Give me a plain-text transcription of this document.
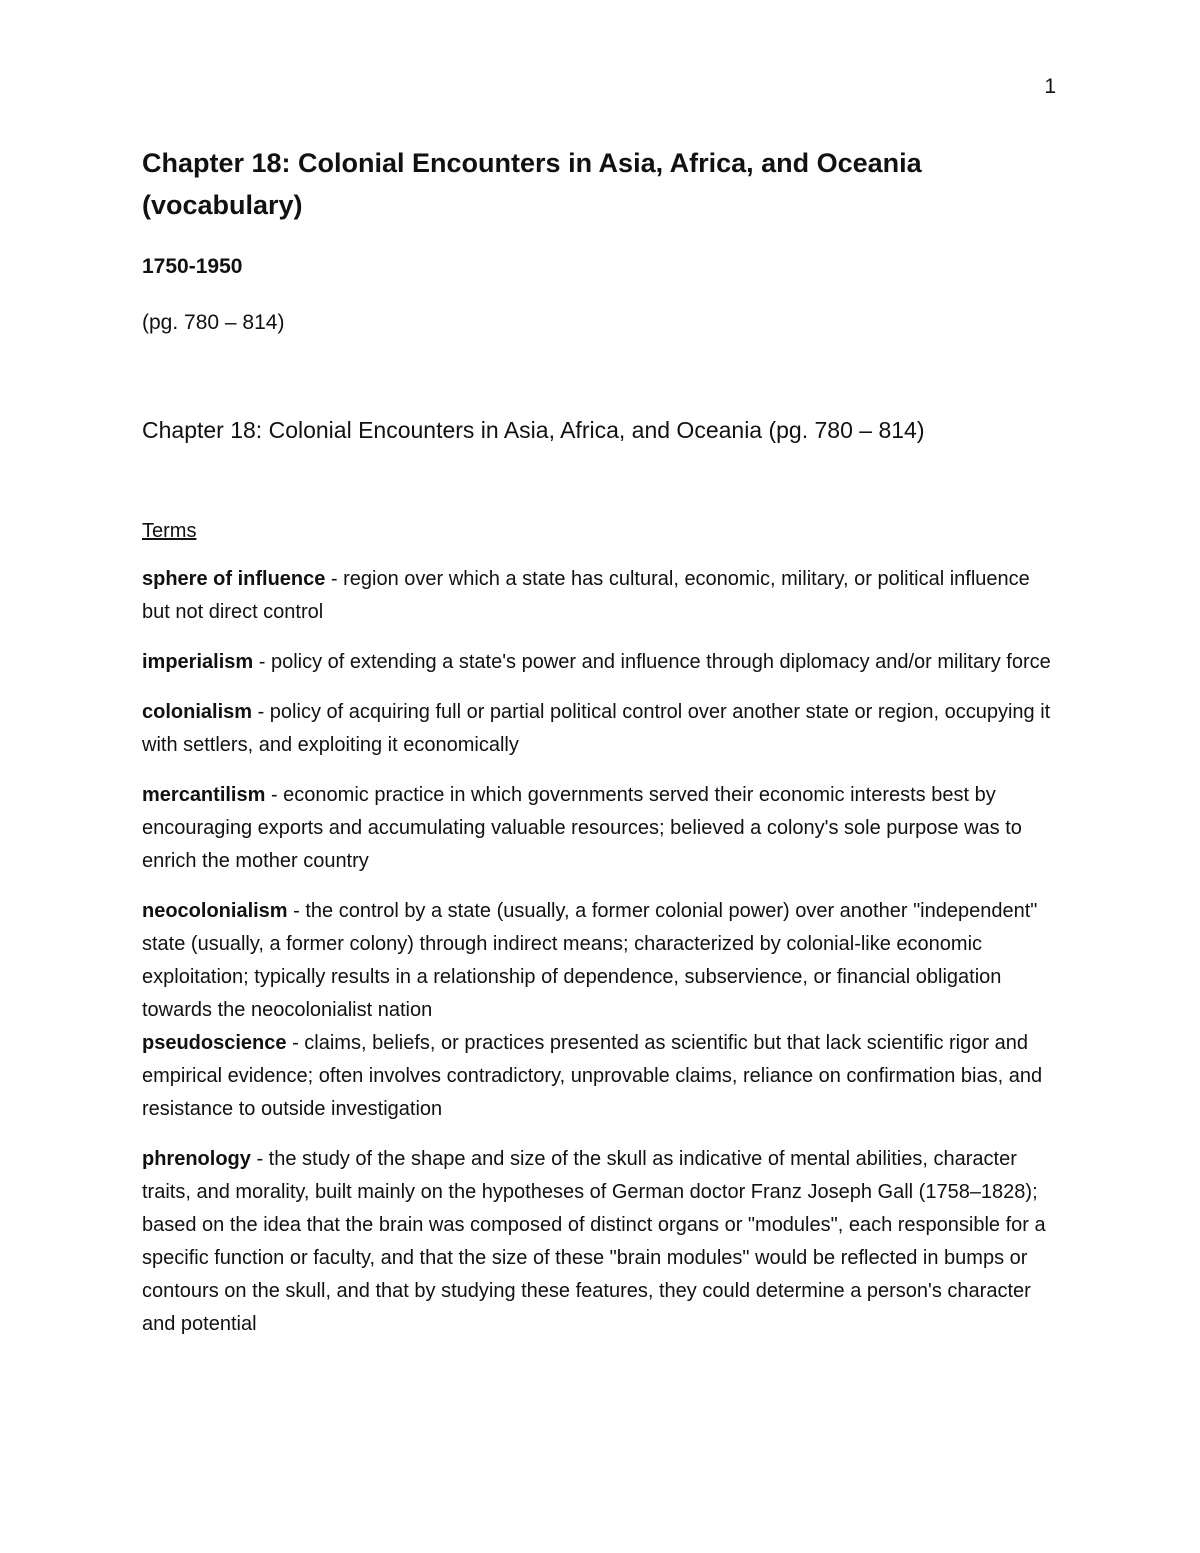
1
Chapter 18: Colonial Encounters in Asia, Africa, and Oceania (vocabulary)
1750-1950
(pg. 780 – 814)
Chapter 18: Colonial Encounters in Asia, Africa, and Oceania (pg. 780 – 814)
Terms
sphere of influence - region over which a state has cultural, economic, military, or political influence but not direct control
imperialism - policy of extending a state's power and influence through diplomacy and/or military force
colonialism - policy of acquiring full or partial political control over another state or region, occupying it with settlers, and exploiting it economically
mercantilism - economic practice in which governments served their economic interests best by encouraging exports and accumulating valuable resources; believed a colony's sole purpose was to enrich the mother country
neocolonialism - the control by a state (usually, a former colonial power) over another "independent" state (usually, a former colony) through indirect means; characterized by colonial-like economic exploitation; typically results in a relationship of dependence, subservience, or financial obligation towards the neocolonialist nation
pseudoscience - claims, beliefs, or practices presented as scientific but that lack scientific rigor and empirical evidence; often involves contradictory, unprovable claims, reliance on confirmation bias, and resistance to outside investigation
phrenology - the study of the shape and size of the skull as indicative of mental abilities, character traits, and morality, built mainly on the hypotheses of German doctor Franz Joseph Gall (1758–1828); based on the idea that the brain was composed of distinct organs or "modules", each responsible for a specific function or faculty, and that the size of these "brain modules" would be reflected in bumps or contours on the skull, and that by studying these features, they could determine a person's character and potential
